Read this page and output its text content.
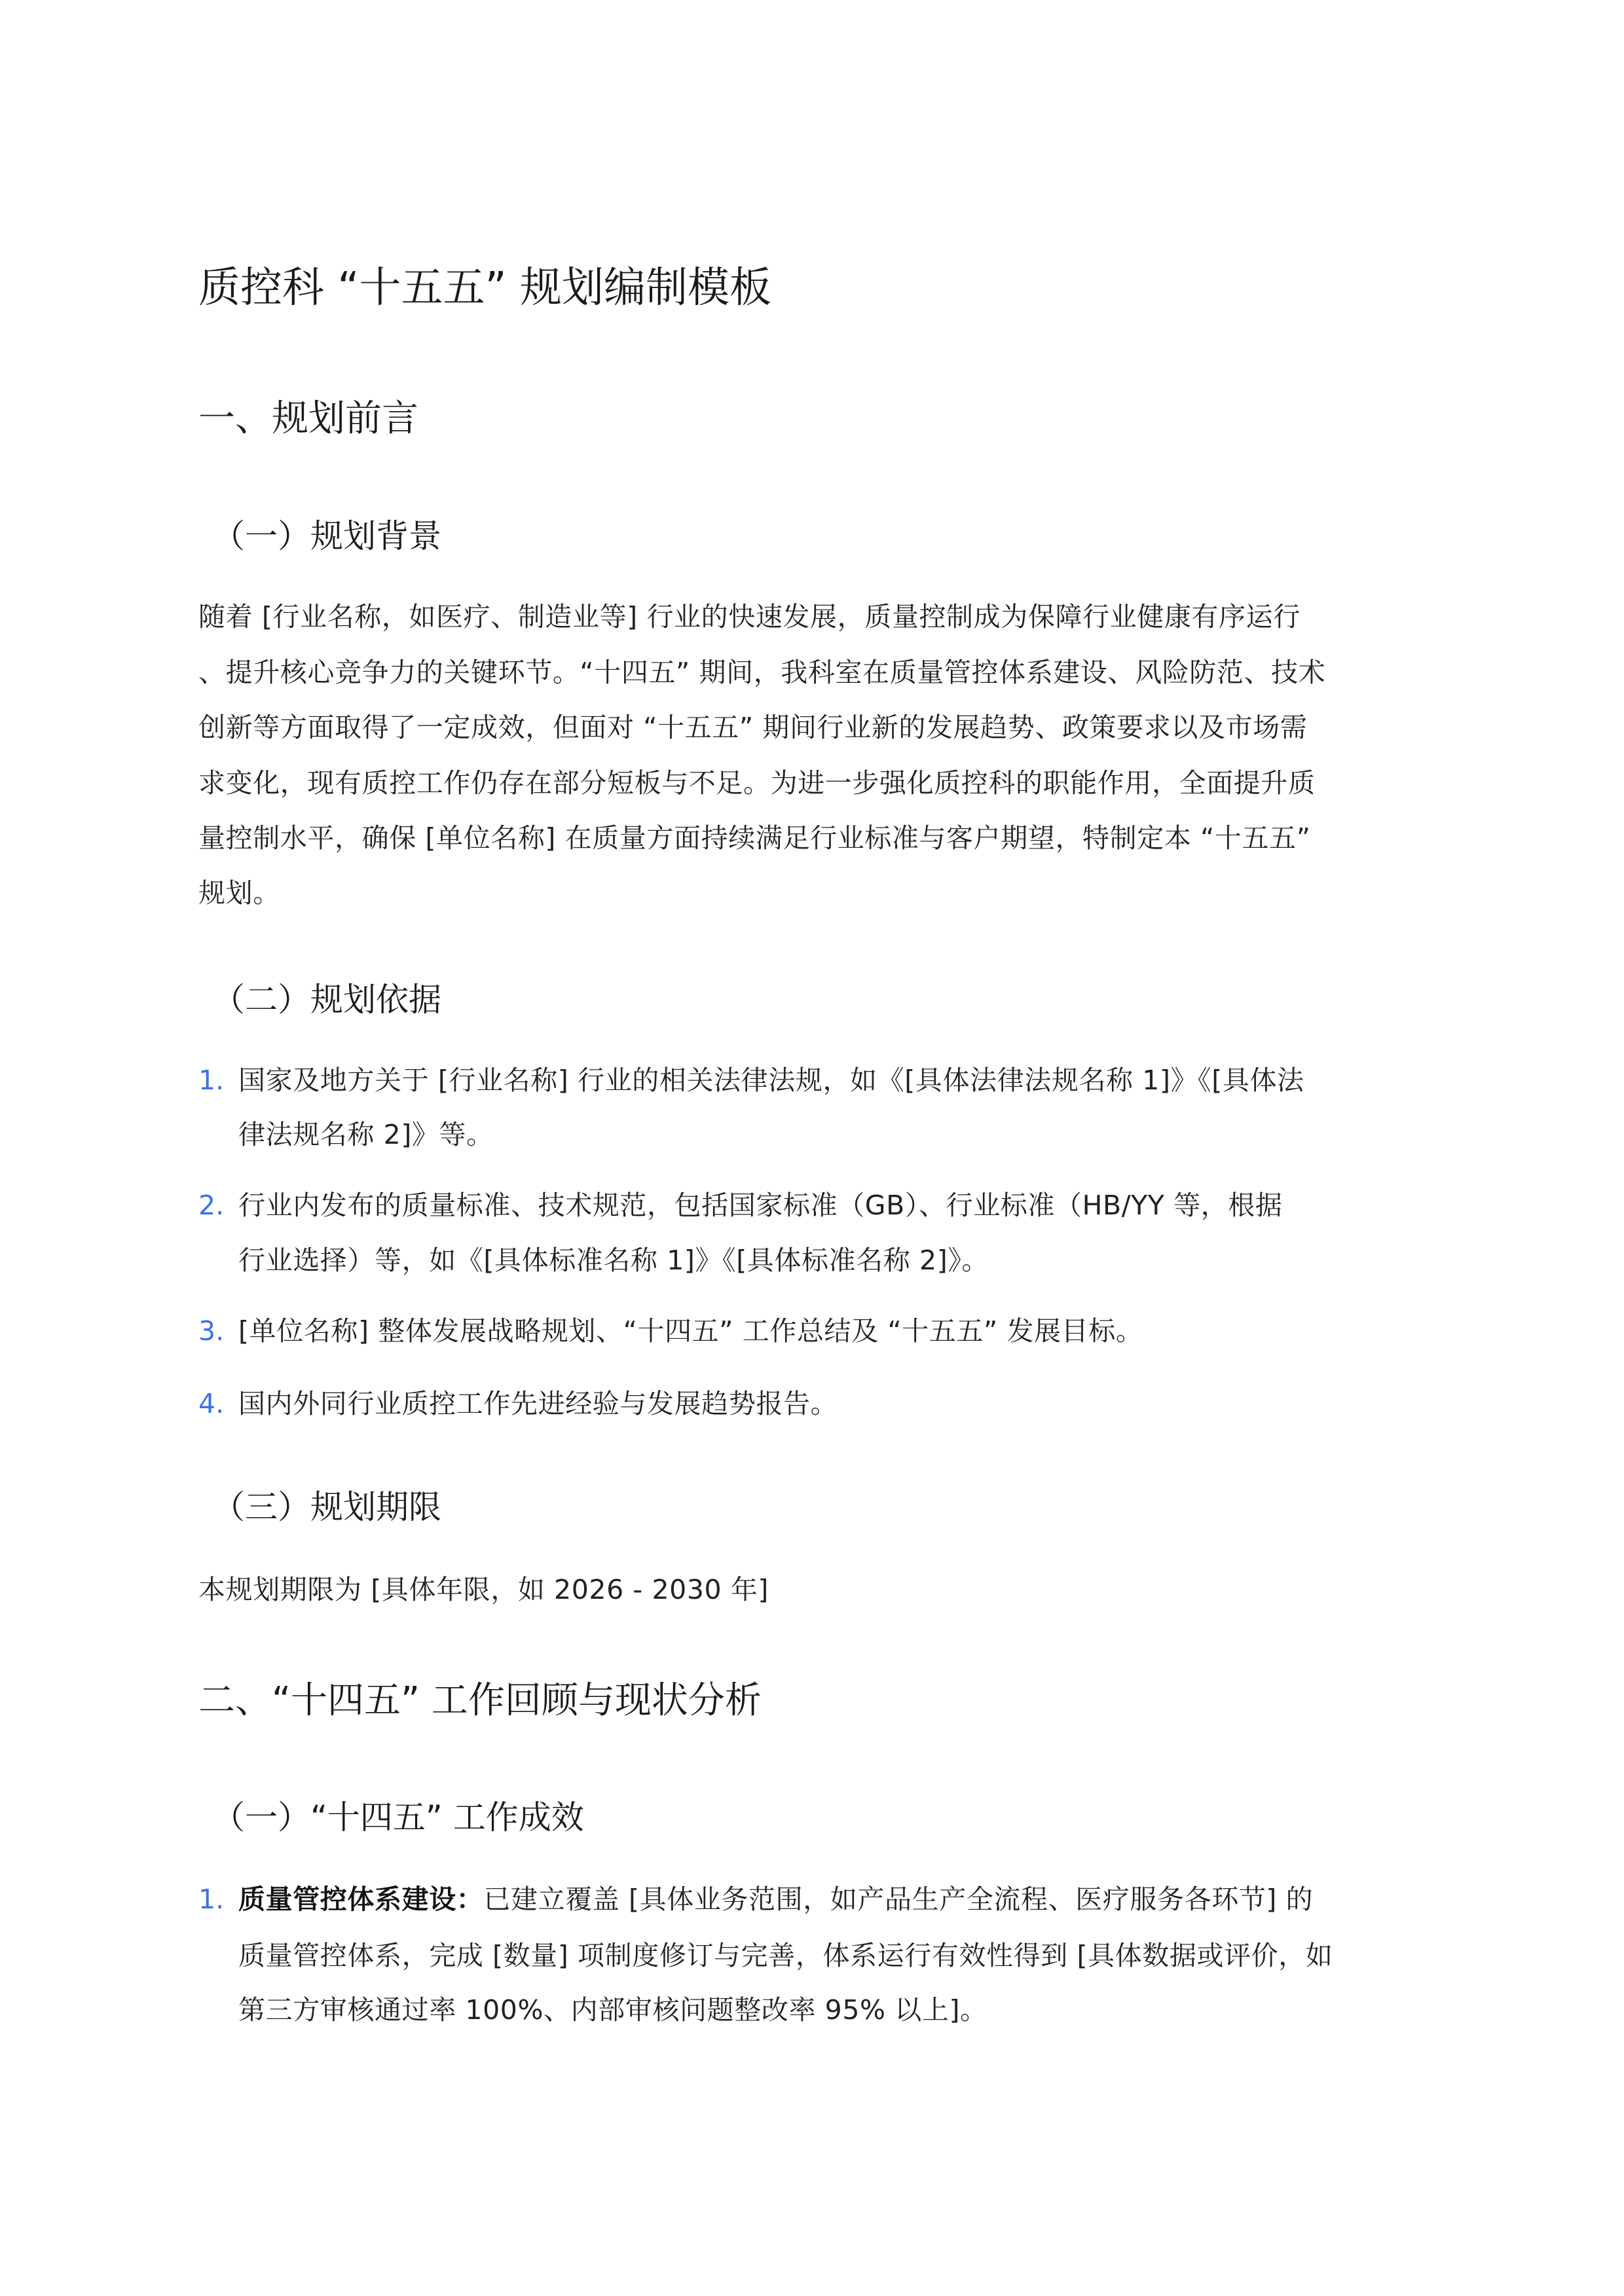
质控科 “十五五” 规划编制模板
一、规划前言
（一）规划背景
随着 [行业名称，如医疗、制造业等] 行业的快速发展，质量控制成为保障行业健康有序运行
、提升核心竞争力的关键环节。“十四五” 期间，我科室在质量管控体系建设、风险防范、技术
创新等方面取得了一定成效，但面对 “十五五” 期间行业新的发展趋势、政策要求以及市场需
求变化，现有质控工作仍存在部分短板与不足。为进一步强化质控科的职能作用，全面提升质
量控制水平，确保 [单位名称] 在质量方面持续满足行业标准与客户期望，特制定本 “十五五”
规划。
（二）规划依据
1. 国家及地方关于 [行业名称] 行业的相关法律法规，如《[具体法律法规名称 1]》《[具体法
律法规名称 2]》等。
2. 行业内发布的质量标准、技术规范，包括国家标准（GB）、行业标准（HB/YY 等，根据
行业选择）等，如《[具体标准名称 1]》《[具体标准名称 2]》。
3. [单位名称] 整体发展战略规划、“十四五” 工作总结及 “十五五” 发展目标。
4. 国内外同行业质控工作先进经验与发展趋势报告。
（三）规划期限
本规划期限为 [具体年限，如 2026 - 2030 年]
二、“十四五” 工作回顾与现状分析
（一）“十四五” 工作成效
1. 质量管控体系建设：已建立覆盖 [具体业务范围，如产品生产全流程、医疗服务各环节] 的
质量管控体系，完成 [数量] 项制度修订与完善，体系运行有效性得到 [具体数据或评价，如
第三方审核通过率 100%、内部审核问题整改率 95% 以上]。
